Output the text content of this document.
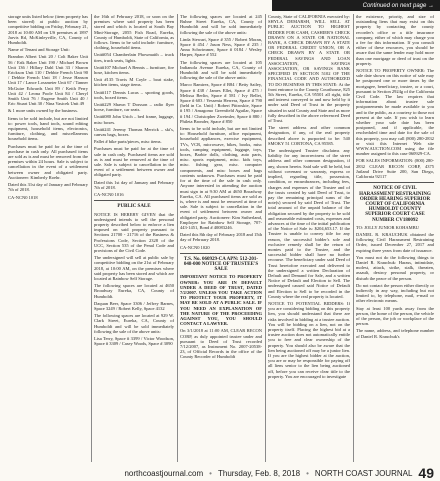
Continued on next page →

storage units listed below (item property has been stored) at public auction by competitive bidding on Friday, February 21, 2018 at 10:00 AM on US premises at 1897 Jarvis Rd, McKinleyville, CA, County of Humboldt.

Name of Tenant and Storage Unit:

Brandon Albert Unit 20 / Colt Baker Unit 56 / Erik Baker Unit 190 / Michael Brown Unit 136 / Hillary Dahl Unit 33 / Sharon Erickson Unit 110 / Debbie French Unit 90 / Debbie French Unit 18 / Jesse Hanson Unit 17 / Lance Lossmeier Unit 67 / Tanner McGuire Edwards Unit 89 / Keith Perry Unit 42 / Leona Poole Unit 84 / Cheryl Smith Unit 76 / Eugene Smith Unit 40 / Eric Stuart Unit 30 / Nina Vasicek Unit 49

& 1 more units owned by the business.

Items to be sold include, but are not limited to: power tools, hand tools, sound editing equipment, household items, electronics, furniture, clothing, and miscellaneous household items.

Purchases must be paid for at the time of purchase in cash only. All purchased items are sold as is and must be removed from the premises within 24 hours. Sale is subject to cancellation in the event of a settlement between owner and obligated party. Auctioneer: Kimberly Roehr.

Dated this 31st day of January and February 7th of 2018.

CA-NCN0 1018

the 16th of February 2018, or soon on the premises where said property has been stored and which is located at South Bay Mini-Storage, 2055 Fish Road, Eureka, County of Humboldt, State of California, as follows. Items to be sold include: furniture, clothing, household items.

Unit#054 Chamberlain Phowmaith – truck tires, truck seats, lights.

Unit#107 Michael A Bennis – furniture, fire hose, kitchen items.

Unit #135 Travis M Coyle – boat stake, kitchen items, stage items.

Unit#117 Dennis Lucas – sporting goods, tools, boxed items.

Unit#229 Shawn T Dorsson – radio flyer horse, furniture, car seats.

Unit#080 John Urich – bed frame, luggage, misc boxes.

Unit#241 Jeremy Thomas Merrick – ski's, canvas bags, boxes.

Pallet # bike parts/pieces, misc items.

Purchases must be paid for at the time of sale in cash only. Purchased items are sold as is and must be removed at the time of sale. Sale is subject to cancellation in the event of a settlement between owner and obligated party.

Dated this 1st day of January and February 7th of 2018.

CA-NCN0 1016

PUBLIC SALE

NOTICE IS HEREBY GIVEN that the undersigned intends to sell the personal property described below to enforce a lien imposed on said property pursuant to Sections 21700 - 21716 of the Business & Professions Code, Section 2328 of the UCC, Section 535 of the Penal Code and provisions of the Civil Code.

The undersigned will sell at public sale by competitive bidding on the 21st of February 2018, at 10:00 AM, on the premises where said property has been stored and which are located at Rainbow Self Storage.

The following spaces are located at 4650 Broadway Eureka, CA, County of Humboldt.

Daquan Beer, Space 3306 / Jeffrey Barnes, Space 3249 / Robert Kelly, Space 4132

The following spaces are located at 929 W. Clark Street, Eureka, CA, County of Humboldt and will be sold immediately following the sale of the above units:

Lisa Terry, Space # 3399 / Victor Woodson, Space # 3309 / Casey Woods, Space # 3090

The following spaces are located at 245 Buhne Street Eureka, CA, County of Humboldt and will be sold immediately following the sale of the above units:

Linda Stewart, Space # 355 / Robert Moran, Space # 454 / Jason Ness, Space # 235 / Anna Schwimmer, Space # 0184 / Wesley Harper, Space # 552

The following spaces are located at 105 Indianola Avenue Eureka, CA, County of Humboldt and will be sold immediately following the sale of the above units:

Marco Ramirez, Space # B84 / Betty Sailey, Space # 438 / James Ellet, Space # 475 / Melissa Berlin, Space # 581 / Ivy Bellet, Space # 603 / Yessenia Herrera, Space # 790 (held in Co. Unit) / Robert Pittroskie, Space # 195 / Amagomo Greenfield Aguilar, Space # 194 / Christopher Zweimler, Space # 880 / Phileta Bronder, Space # 850

Items to be sold include, but are not limited to: Household furniture, office equipment, household appliances, exercise equipment, TVs, VCR, microwave, bikes, books, misc tools, camping equipment, luggage, toys, boxes, Barbie dolls, clothing, auto parts, misc. sports equipment, misc. kids toys, misc. fishing gear, misc. computer components, and misc boxes and bags contents unknown. Purchases must be paid for at the time of the sale in cash only. Anyone interested in attending the auction must sign in at 9:30 AM at 4650 Broadway Eureka, CA. All purchased items are sold as is, where is and must be removed at time of sale. Sale is subject to cancellation in the event of settlement between owner and obligated party. Auctioneer: Kim Sutherland, Employee for Rainbow Self Storage, 707-443-1451, Bond # 40083246.

Dated this 8th day of February 2018 and 15th day of February 2018.

CA-NCN0 1020

T.S. No. 060929-CA APN: 512-201-048-000 NOTICE OF TRUSTEE'S SALE

IMPORTANT NOTICE TO PROPERTY OWNER: YOU ARE IN DEFAULT UNDER A DEED OF TRUST, DATED 7/2/2007. UNLESS YOU TAKE ACTION TO PROTECT YOUR PROPERTY, IT MAY BE SOLD AT A PUBLIC SALE. IF YOU NEED AN EXPLANATION OF THE NATURE OF THE PROCEEDING AGAINST YOU, YOU SHOULD CONTACT A LAWYER.

On 3/1/2018 at 11:00 AM, CLEAR RECON CORP, as duly appointed trustee under and pursuant to Deed of Trust recorded 7/12/2007, as Instrument No. 2007-20538-23, of Official Records in the office of the County Recorder of Humboldt

County, State of CALIFORNIA executed by: SHYLA DEMARSH, WILL SELL AT PUBLIC AUCTION TO HIGHEST BIDDER FOR CASH, CASHIER'S CHECK DRAWN ON A STATE OR NATIONAL BANK, A CHECK DRAWN BY A STATE OR FEDERAL CREDIT UNION, OR A CHECK DRAWN BY A STATE OR FEDERAL SAVINGS AND LOAN ASSOCIATION, SAVINGS ASSOCIATION, OR SAVINGS BANK SPECIFIED IN SECTION 5102 OF THE FINANCIAL CODE AND AUTHORIZED TO DO BUSINESS IN THIS STATE: At the front entrance to the County Courthouse, 825 5th Street, Eureka, CA 95501 all right, title and interest conveyed to and now held by it under said Deed of Trust in the property situated in said County and State and as more fully described in the above referenced Deed of Trust.

The street address and other common designation, if any, of the real property described above is purported to be: 540 SMOKY 51 CORTONA, CA 95585.

The undersigned Trustee disclaims any liability for any incorrectness of the street address and other common designation, if any, shown herein. Said sale will be held, but without covenant or warranty, express or implied, regarding title, possession, condition, or encumbrances, including fees, charges and expenses of the Trustee and of the trusts created by said Deed of Trust, to pay the remaining principal sums of the note(s) secured by said Deed of Trust. The total amount of the unpaid balance of the obligation secured by the property to be sold and reasonable estimated costs, expenses and advances at the time of the initial publication of the Notice of Sale is: $204,653.17. If the Trustee is unable to convey title for any reason, the successful bidder's sole and exclusive remedy shall be the return of monies paid to the Trustee, and the successful bidder shall have no further recourse. The beneficiary under said Deed of Trust heretofore executed and delivered to the undersigned a written Declaration of Default and Demand for Sale, and a written Notice of Default and Election to Sell. The undersigned caused said Notice of Default and Election to Sell to be recorded in the County where the real property is located.

NOTICE TO POTENTIAL BIDDERS: If you are considering bidding on this property lien, you should understand that there are risks involved in bidding at a trustee auction. You will be bidding on a lien, not on the property itself. Placing the highest bid at a trustee auction does not automatically entitle you to free and clear ownership of the property. You should also be aware that the lien being auctioned off may be a junior lien. If you are the highest bidder at the auction, you are or may be responsible for paying off all liens senior to the lien being auctioned off, before you can receive clear title to the property. You are encouraged to investigate

the existence, priority, and size of outstanding liens that may exist on this property by contacting the county recorder's office or a title insurance company, either of which may charge you a fee for this information. If you consult either of these resources, you should be aware that the same lender may hold more than one mortgage or deed of trust on the property.

NOTICE TO PROPERTY OWNER: The sale date shown on this notice of sale may be postponed one or more times by the mortgagee, beneficiary, trustee, or a court, pursuant to Section 2924g of the California Civil Code. The law requires that information about trustee sale postponements be made available to you and to the public, as a courtesy to those not present at the sale. If you wish to learn whether your sale date has been postponed, and if applicable, the rescheduled time and date for the sale of this property, you may call (800) 280-2832 or visit this Internet Web site WWW.AUCTION.COM using the file number assigned to this case 060929-CA.

FOR SALES INFORMATION: (800) 280-2832 CLEAR RECON CORP, 4375 Jutland Drive Suite 200, San Diego, California 92117

NOTICE OF CIVIL HARASSMENT RESTRAINING ORDER HEARING SUPERIOR COURT OF CALIFORNIA HUMBOLDT COUNTY SUPERIOR COURT CASE NUMBER CV180092

TO: JOLLY JUNIOR KOHAMBU

DANIEL R. KRAUCHUK obtained the following Civil Harassment Restraining Order, issued December 27, 2017 and expiring three years from date of issuance.

You must not do the following things to Daniel R. Krauchuk: Harass, intimidate, molest, attack, strike, stalk, threaten, assault, destroy personal property, or disturb the peace of the person.

Do not contact the person either directly or indirectly in any way, including but not limited to, by telephone, mail, e-mail or other electronic means.

Stay at least 100 yards away from the person, the home of the person, the vehicle of the person, the job or workplace of the person.

The name, address, and telephone number of Daniel R. Krauchuk's

northcoastjournal.com • Thursday, Feb. 8, 2018 • NORTH COAST JOURNAL 49
